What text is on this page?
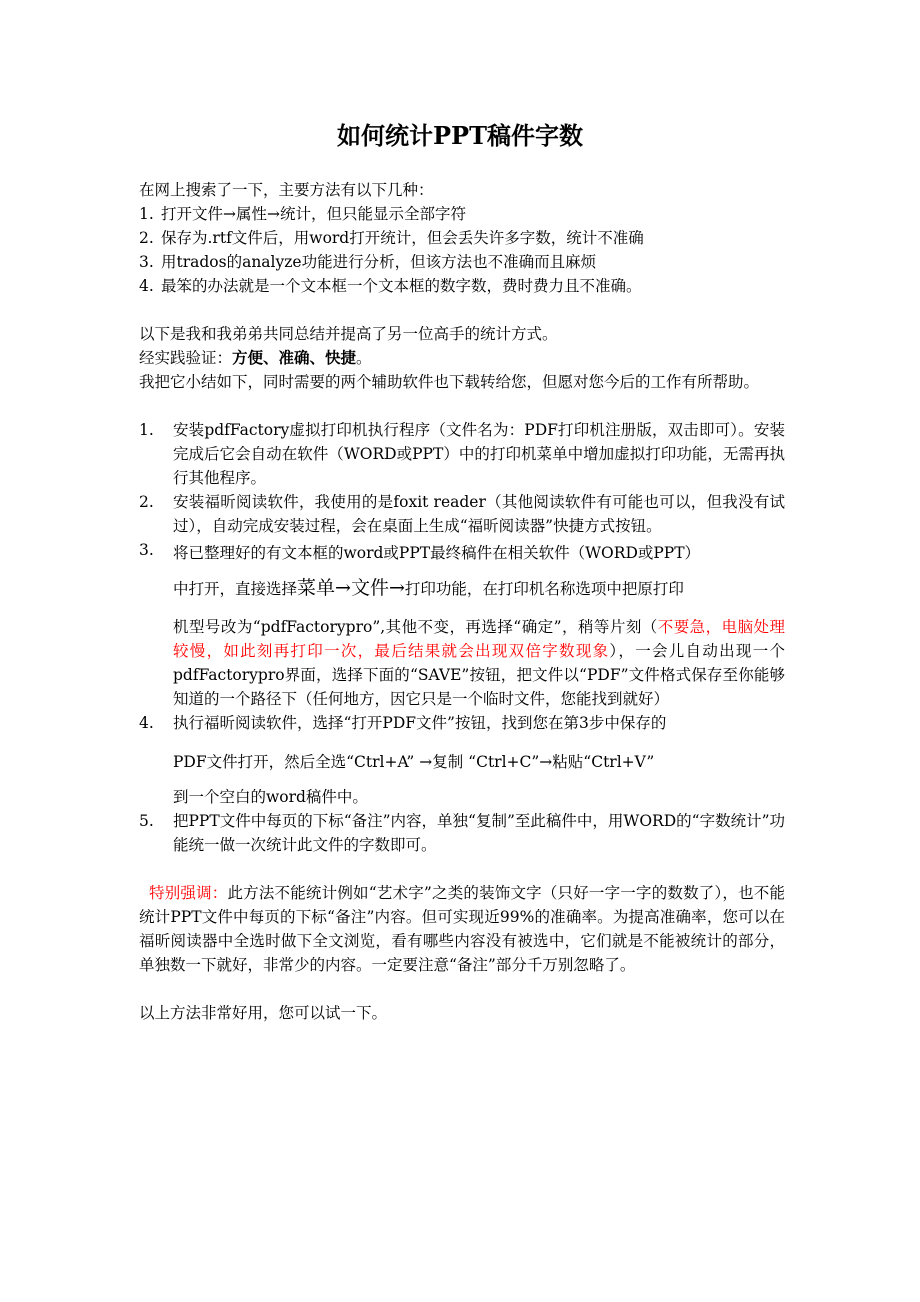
如何统计PPT稿件字数

在网上搜索了一下，主要方法有以下几种：

1. 打开文件→属性→统计，但只能显示全部字符
2. 保存为.rtf文件后，用word打开统计，但会丢失许多字数，统计不准确
3. 用trados的analyze功能进行分析，但该方法也不准确而且麻烦
4. 最笨的办法就是一个文本框一个文本框的数字数，费时费力且不准确。

以下是我和我弟弟共同总结并提高了另一位高手的统计方式。

经实践验证：方便、准确、快捷。

我把它小结如下，同时需要的两个辅助软件也下载转给您，但愿对您今后的工作有所帮助。

1. 安装pdfFactory虚拟打印机执行程序（文件名为：PDF打印机注册版，双击即可）。安装完成后它会自动在软件（WORD或PPT）中的打印机菜单中增加虚拟打印功能，无需再执行其他程序。
2. 安装福昕阅读软件，我使用的是foxit reader（其他阅读软件有可能也可以，但我没有试过），自动完成安装过程，会在桌面上生成“福昕阅读器”快捷方式按钮。
3. 将已整理好的有文本框的word或PPT最终稿件在相关软件（WORD或PPT）
中打开，直接选择菜单→文件→打印功能，在打印机名称选项中把原打印
机型号改为“pdfFactorypro”,其他不变，再选择“确定”，稍等片刻（不要急，电脑处理较慢，如此刻再打印一次，最后结果就会出现双倍字数现象），一会儿自动出现一个pdfFactorypro界面，选择下面的“SAVE”按钮，把文件以“PDF”文件格式保存至你能够知道的一个路径下（任何地方，因它只是一个临时文件，您能找到就好）
4. 执行福昕阅读软件，选择“打开PDF文件”按钮，找到您在第3步中保存的
PDF文件打开，然后全选“Ctrl+A” →复制 “Ctrl+C”→粘贴“Ctrl+V”
到一个空白的word稿件中。
5. 把PPT文件中每页的下标“备注”内容，单独“复制”至此稿件中，用WORD的“字数统计”功能统一做一次统计此文件的字数即可。

特别强调：此方法不能统计例如“艺术字”之类的装饰文字（只好一字一字的数数了），也不能统计PPT文件中每页的下标“备注”内容。但可实现近99%的准确率。为提高准确率，您可以在福昕阅读器中全选时做下全文浏览，看有哪些内容没有被选中，它们就是不能被统计的部分，单独数一下就好，非常少的内容。一定要注意“备注”部分千万别忽略了。

以上方法非常好用，您可以试一下。
